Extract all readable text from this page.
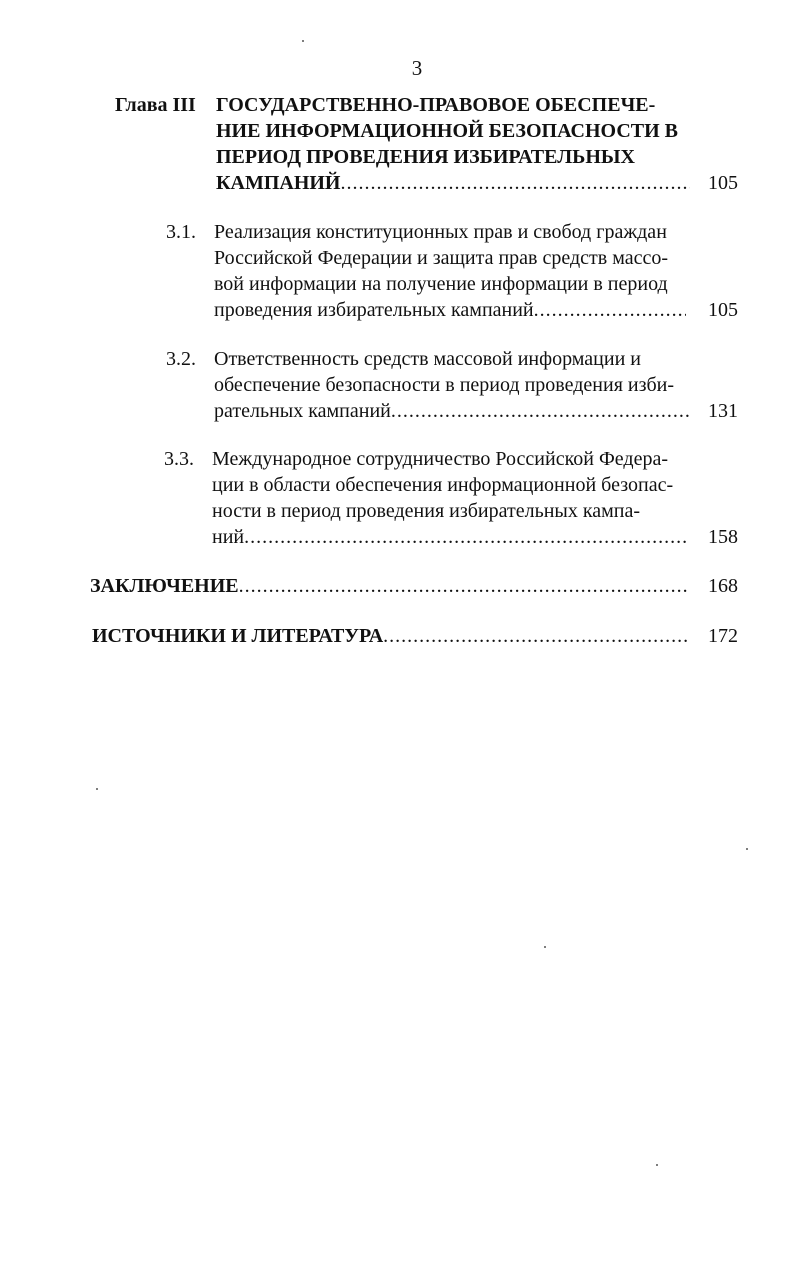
3
Глава III ГОСУДАРСТВЕННО-ПРАВОВОЕ ОБЕСПЕЧЕ-
НИЕ ИНФОРМАЦИОННОЙ БЕЗОПАСНОСТИ В
ПЕРИОД ПРОВЕДЕНИЯ ИЗБИРАТЕЛЬНЫХ
КАМПАНИЙ .....	105
3.1. Реализация конституционных прав и свобод граждан
Российской Федерации и защита прав средств массо-
вой информации на получение информации в период
проведения избирательных кампаний .....	105
3.2. Ответственность средств массовой информации и
обеспечение безопасности в период проведения изби-
рательных кампаний .....	131
3.3. Международное сотрудничество Российской Федера-
ции в области обеспечения информационной безопас-
ности в период проведения избирательных кампа-
ний .....	158
ЗАКЛЮЧЕНИЕ .....	168
ИСТОЧНИКИ И ЛИТЕРАТУРА .....	172
